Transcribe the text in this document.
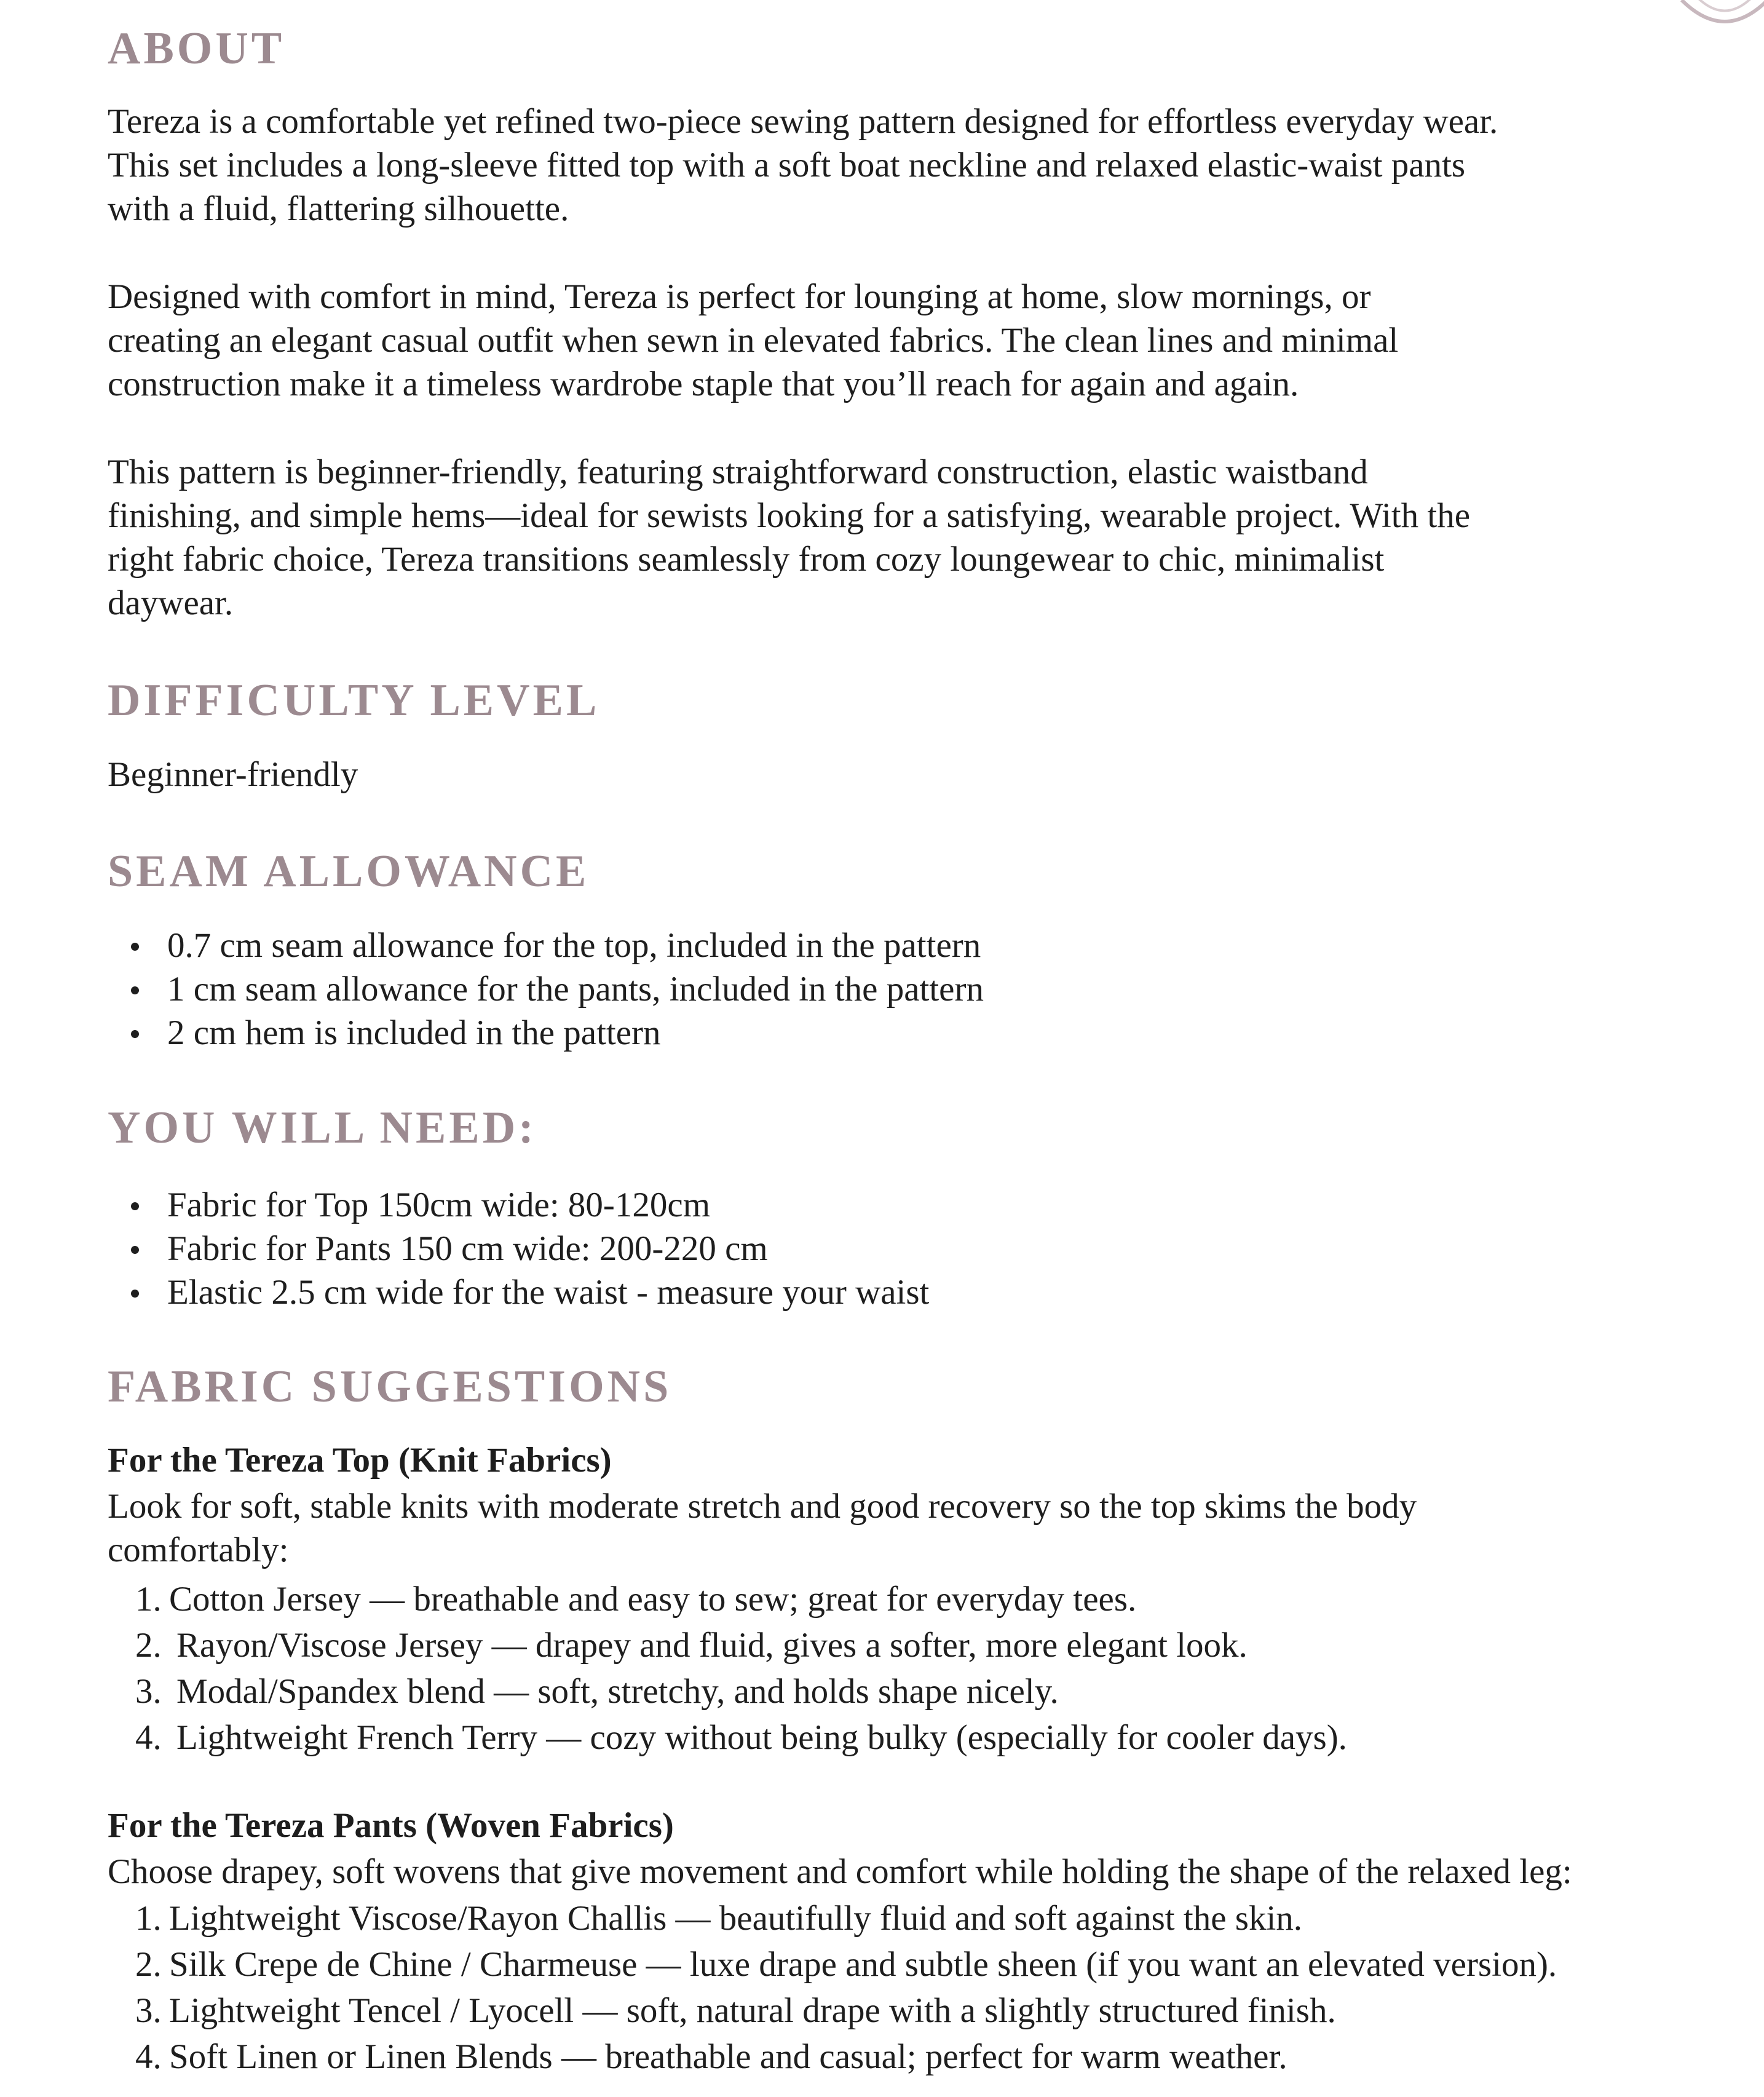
ABOUT

Tereza is a comfortable yet refined two-piece sewing pattern designed for effortless everyday wear.
This set includes a long-sleeve fitted top with a soft boat neckline and relaxed elastic-waist pants
with a fluid, flattering silhouette.

Designed with comfort in mind, Tereza is perfect for lounging at home, slow mornings, or
creating an elegant casual outfit when sewn in elevated fabrics. The clean lines and minimal
construction make it a timeless wardrobe staple that you’ll reach for again and again.

This pattern is beginner-friendly, featuring straightforward construction, elastic waistband
finishing, and simple hems—ideal for sewists looking for a satisfying, wearable project. With the
right fabric choice, Tereza transitions seamlessly from cozy loungewear to chic, minimalist
daywear.

DIFFICULTY LEVEL

Beginner-friendly

SEAM ALLOWANCE
0.7 cm seam allowance for the top, included in the pattern
1 cm seam allowance for the pants, included in the pattern
2 cm hem is included in the pattern
YOU WILL NEED:
Fabric for Top 150cm wide: 80-120cm
Fabric for Pants 150 cm wide: 200-220 cm
Elastic 2.5 cm wide for the waist - measure your waist
FABRIC SUGGESTIONS

For the Tereza Top (Knit Fabrics)

Look for soft, stable knits with moderate stretch and good recovery so the top skims the body
comfortably:

1. Cotton Jersey — breathable and easy to sew; great for everyday tees.
2. Rayon/Viscose Jersey — drapey and fluid, gives a softer, more elegant look.
3. Modal/Spandex blend — soft, stretchy, and holds shape nicely.
4. Lightweight French Terry — cozy without being bulky (especially for cooler days).

For the Tereza Pants (Woven Fabrics)

Choose drapey, soft wovens that give movement and comfort while holding the shape of the relaxed leg:

1. Lightweight Viscose/Rayon Challis — beautifully fluid and soft against the skin.
2. Silk Crepe de Chine / Charmeuse — luxe drape and subtle sheen (if you want an elevated version).
3. Lightweight Tencel / Lyocell — soft, natural drape with a slightly structured finish.
4. Soft Linen or Linen Blends — breathable and casual; perfect for warm weather.
